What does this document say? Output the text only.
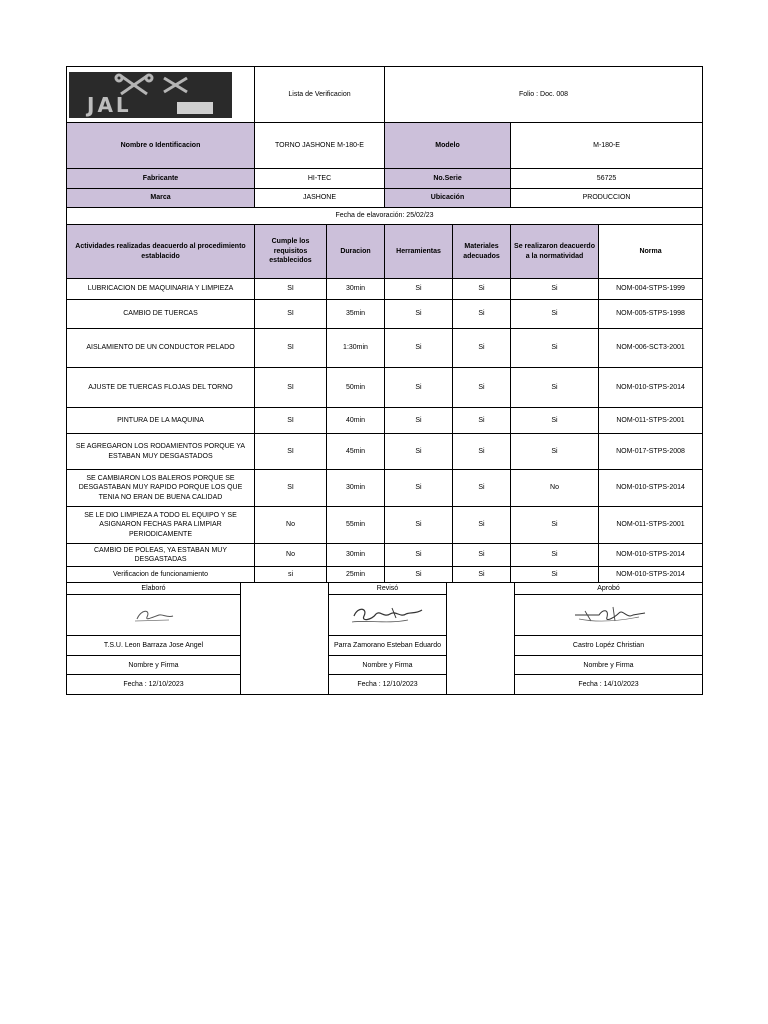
JAL	Lista de Verificacion		Folio : Doc. 008			
Nombre o Identificacion	TORNO JASHONE M-180-E		Modelo		M-180-E	
Fabricante	HI-TEC		No.Serie		56725	
Marca	JASHONE		Ubicación		PRODUCCION	
Fecha de elavoración: 25/02/23						
Actividades realizadas deacuerdo al procedimiento establacido	Cumple los requisitos establecidos	Duracion	Herramientas	Materiales adecuados	Se realizaron deacuerdo a la normatividad	Norma
LUBRICACION DE MAQUINARIA Y LIMPIEZA	SI	30min	Si	Si	Si	NOM-004-STPS-1999
CAMBIO DE TUERCAS	SI	35min	Si	Si	Si	NOM-005-STPS-1998
AISLAMIENTO DE UN CONDUCTOR PELADO	SI	1:30min	Si	Si	Si	NOM-006-SCT3-2001
AJUSTE DE TUERCAS FLOJAS DEL TORNO	SI	50min	Si	Si	Si	NOM-010-STPS-2014
PINTURA DE LA MAQUINA	SI	40min	Si	Si	Si	NOM-011-STPS-2001
SE AGREGARON LOS RODAMIENTOS PORQUE YA ESTABAN MUY DESGASTADOS	SI	45min	Si	Si	Si	NOM-017-STPS-2008
SE CAMBIARON LOS BALEROS PORQUE SE DESGASTABAN MUY RAPIDO PORQUE LOS QUE TENIA NO ERAN DE BUENA CALIDAD	SI	30min	Si	Si	No	NOM-010-STPS-2014
SE LE DIO LIMPIEZA A TODO EL EQUIPO Y SE ASIGNARON FECHAS PARA LIMPIAR PERIODICAMENTE	No	55min	Si	Si	Si	NOM-011-STPS-2001
CAMBIO DE POLEAS, YA ESTABAN MUY DESGASTADAS	No	30min	Si	Si	Si	NOM-010-STPS-2014
Verificacion de funcionamiento	si	25min	Si	Si	Si	NOM-010-STPS-2014
Elaboró		Revisó		Aprobó

T.S.U. Leon Barraza Jose Angel		Parra Zamorano Esteban Eduardo		Castro Lopéz Christian
Nombre y Firma		Nombre y Firma		Nombre y Firma
Fecha : 12/10/2023		Fecha : 12/10/2023		Fecha : 14/10/2023
